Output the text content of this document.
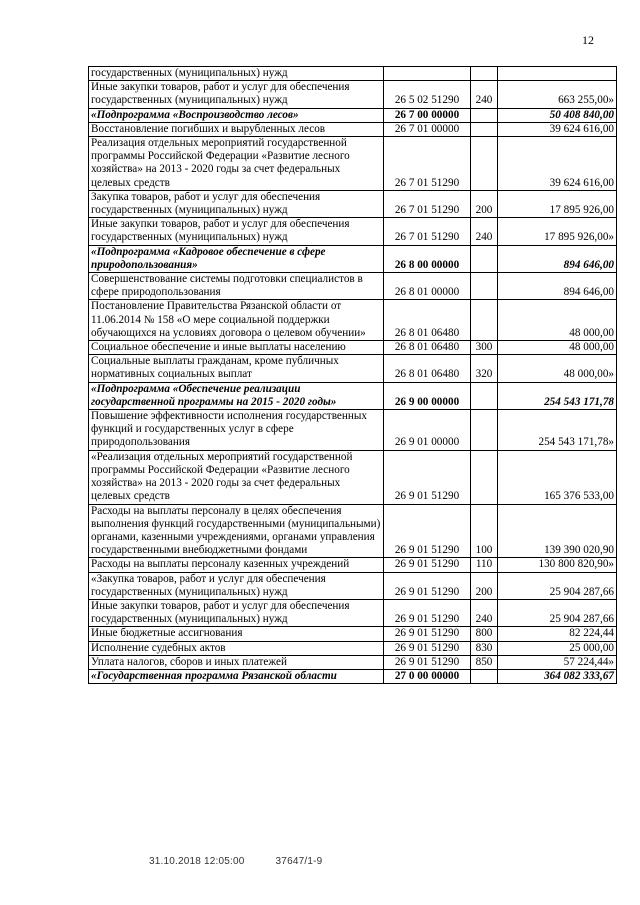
12
государственных (муниципальных) нужд			
Иные закупки товаров, работ и услуг для обеспечения государственных (муниципальных) нужд	26 5 02 51290	240	663 255,00»
«Подпрограмма «Воспроизводство лесов»	26 7 00 00000		50 408 840,00
Восстановление погибших и вырубленных лесов	26 7 01 00000		39 624 616,00
Реализация отдельных мероприятий государственной программы Российской Федерации «Развитие лесного хозяйства» на 2013 - 2020 годы за счет федеральных целевых средств	26 7 01 51290		39 624 616,00
Закупка товаров, работ и услуг для обеспечения государственных (муниципальных) нужд	26 7 01 51290	200	17 895 926,00
Иные закупки товаров, работ и услуг для обеспечения государственных (муниципальных) нужд	26 7 01 51290	240	17 895 926,00»
«Подпрограмма «Кадровое обеспечение в сфере природопользования»	26 8 00 00000		894 646,00
Совершенствование системы подготовки специалистов в сфере природопользования	26 8 01 00000		894 646,00
Постановление Правительства Рязанской области от 11.06.2014 № 158 «О мере социальной поддержки обучающихся на условиях договора о целевом обучении»	26 8 01 06480		48 000,00
Социальное обеспечение и иные выплаты населению	26 8 01 06480	300	48 000,00
Социальные выплаты гражданам, кроме публичных нормативных социальных выплат	26 8 01 06480	320	48 000,00»
«Подпрограмма «Обеспечение реализации государственной программы на 2015 - 2020 годы»	26 9 00 00000		254 543 171,78
Повышение эффективности исполнения государственных функций и государственных услуг в сфере природопользования	26 9 01 00000		254 543 171,78»
«Реализация отдельных мероприятий государственной программы Российской Федерации «Развитие лесного хозяйства» на 2013 - 2020 годы за счет федеральных целевых средств	26 9 01 51290		165 376 533,00
Расходы на выплаты персоналу в целях обеспечения выполнения функций государственными (муниципальными) органами, казенными учреждениями, органами управления государственными внебюджетными фондами	26 9 01 51290	100	139 390 020,90
Расходы на выплаты персоналу казенных учреждений	26 9 01 51290	110	130 800 820,90»
«Закупка товаров, работ и услуг для обеспечения государственных (муниципальных) нужд	26 9 01 51290	200	25 904 287,66
Иные закупки товаров, работ и услуг для обеспечения государственных (муниципальных) нужд	26 9 01 51290	240	25 904 287,66
Иные бюджетные ассигнования	26 9 01 51290	800	82 224,44
Исполнение судебных актов	26 9 01 51290	830	25 000,00
Уплата налогов, сборов и иных платежей	26 9 01 51290	850	57 224,44»
«Государственная программа Рязанской области	27 0 00 00000		364 082 333,67
31.10.2018 12:05:00	37647/1-9
